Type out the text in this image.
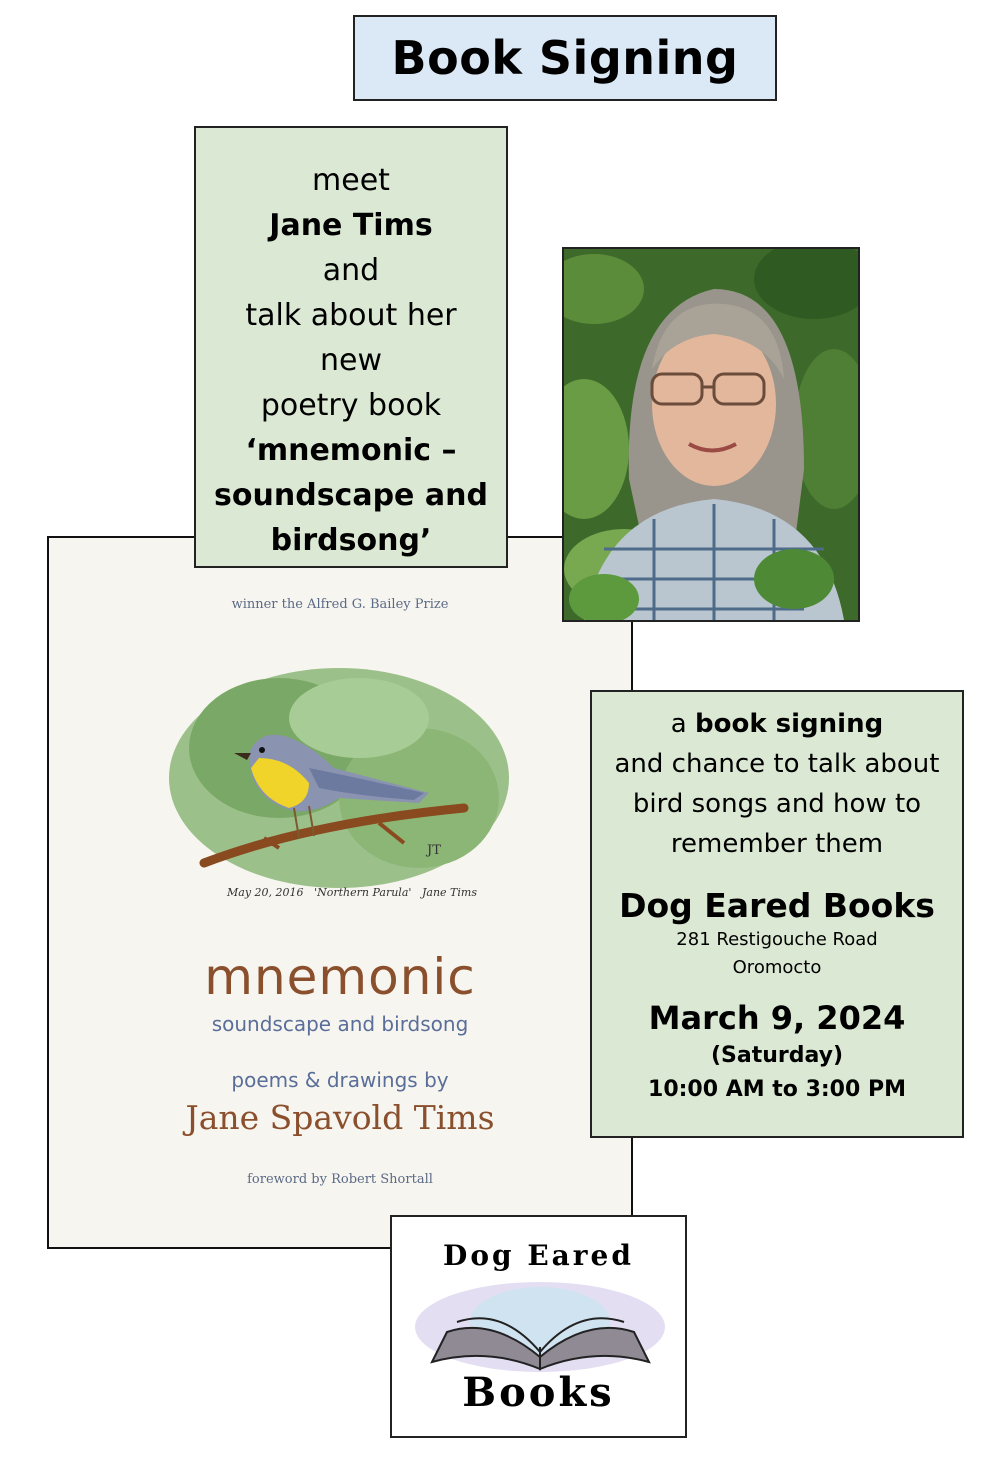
Book Signing
meet
Jane Tims
and
talk about her
new
poetry book
‘mnemonic –
soundscape and
birdsong’
winner the Alfred G. Bailey Prize
JT
May 20, 2016 'Northern Parula' Jane Tims
mnemonic
soundscape and birdsong
poems & drawings by
Jane Spavold Tims
foreword by Robert Shortall
a book signing
and chance to talk about
bird songs and how to
remember them
Dog Eared Books
281 Restigouche Road
Oromocto
March 9, 2024
(Saturday)
10:00 AM to 3:00 PM
Dog Eared
Books
